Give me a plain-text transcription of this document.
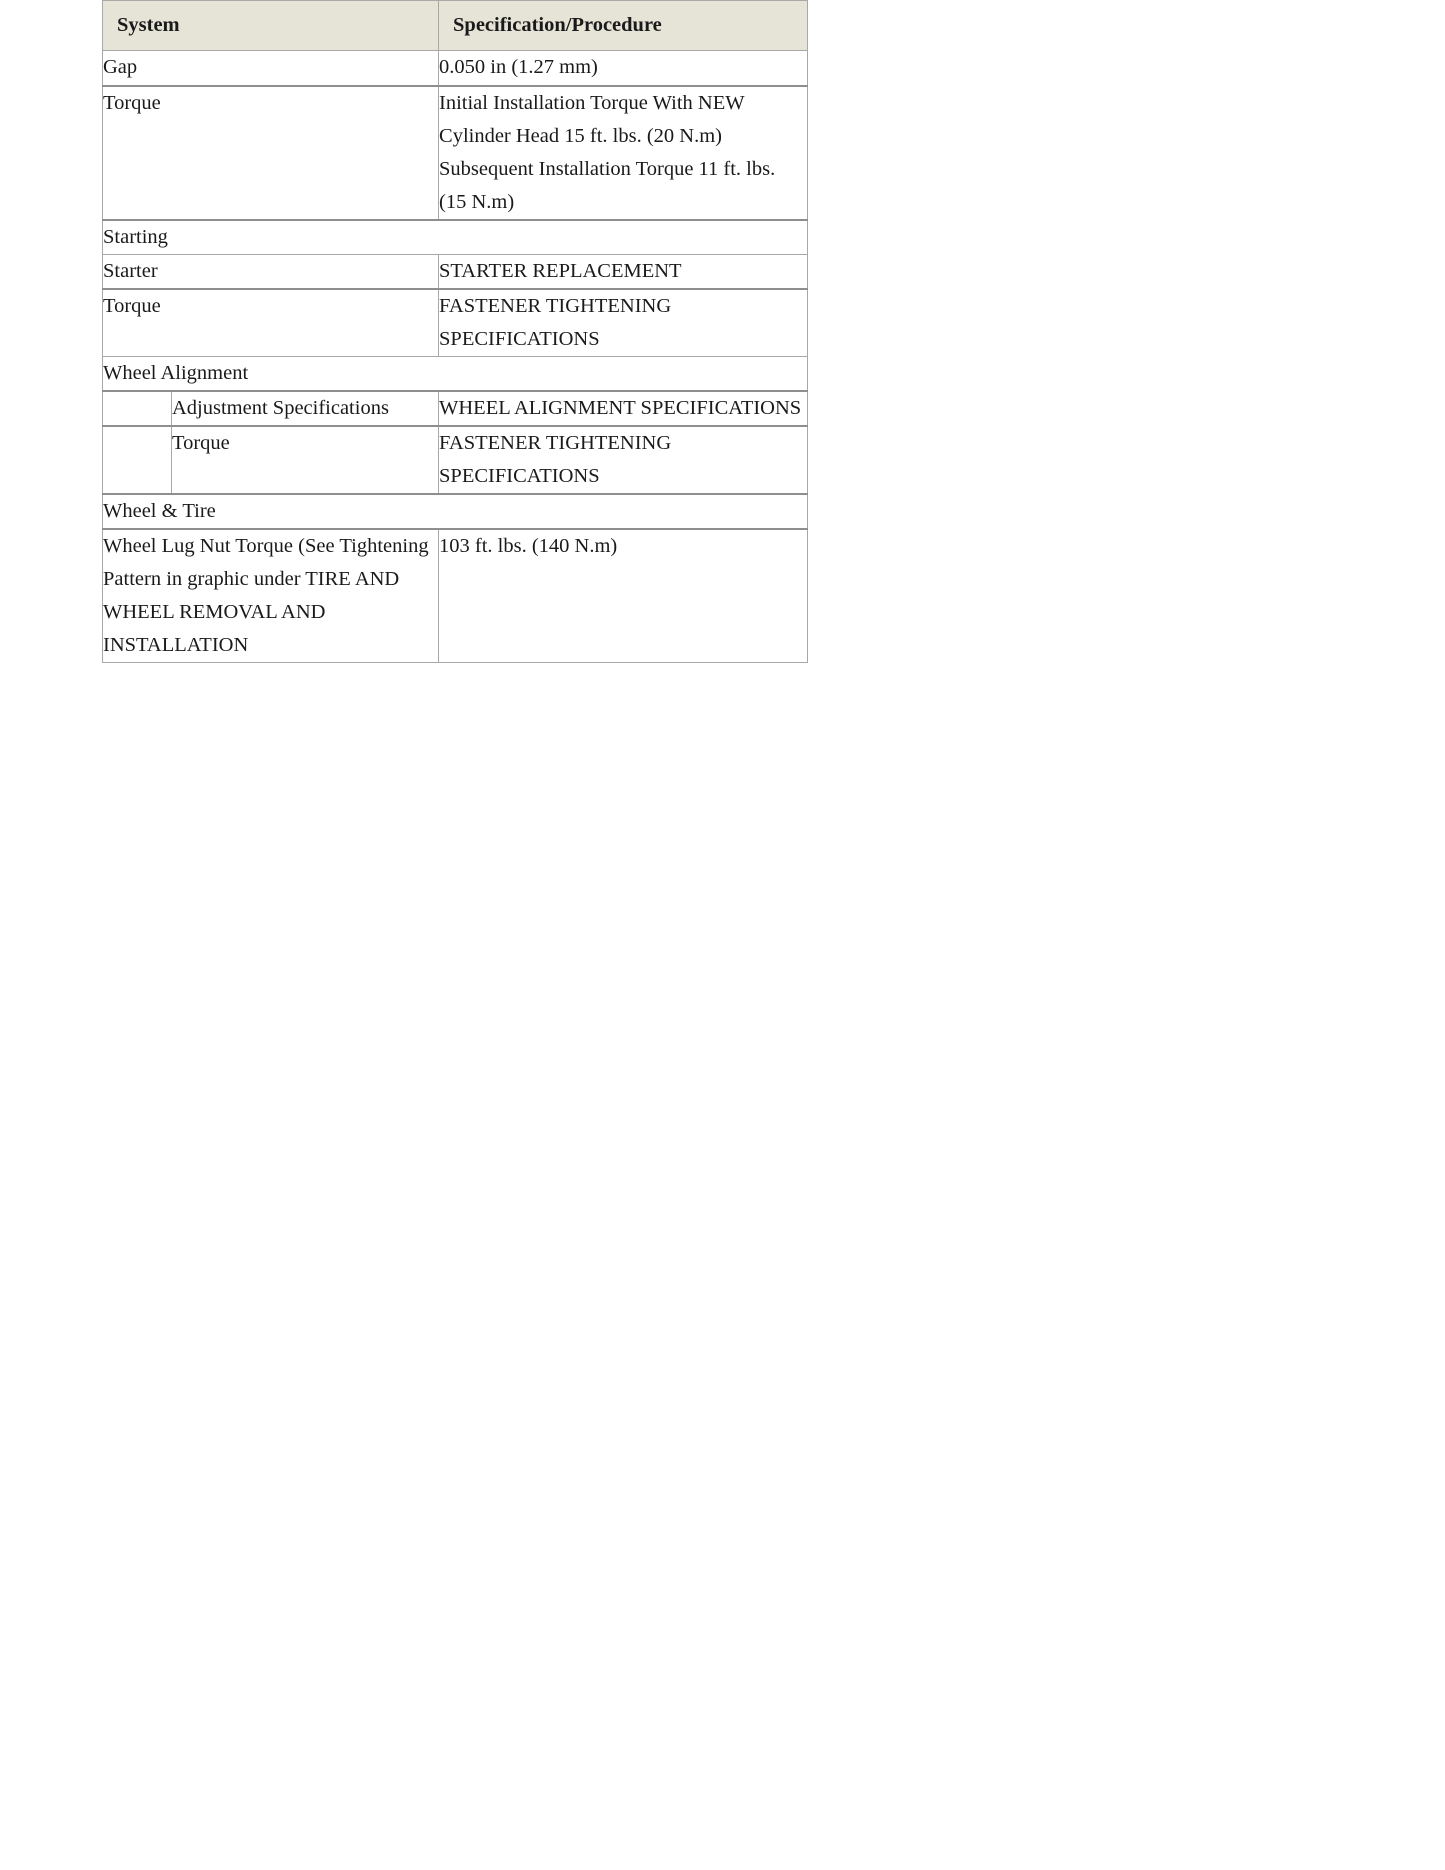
System		Specification/Procedure
Gap		0.050 in (1.27 mm)
Torque		Initial Installation Torque With NEW Cylinder Head 15 ft. lbs. (20 N.m)
Subsequent Installation Torque 11 ft. lbs. (15 N.m)

Starting		
Starter		STARTER REPLACEMENT
Torque		FASTENER TIGHTENING SPECIFICATIONS
Wheel Alignment		
	Adjustment Specifications	WHEEL ALIGNMENT SPECIFICATIONS
	Torque	FASTENER TIGHTENING SPECIFICATIONS
Wheel & Tire		
Wheel Lug Nut Torque (See Tightening Pattern in graphic under TIRE AND WHEEL REMOVAL AND INSTALLATION		103 ft. lbs. (140 N.m)
